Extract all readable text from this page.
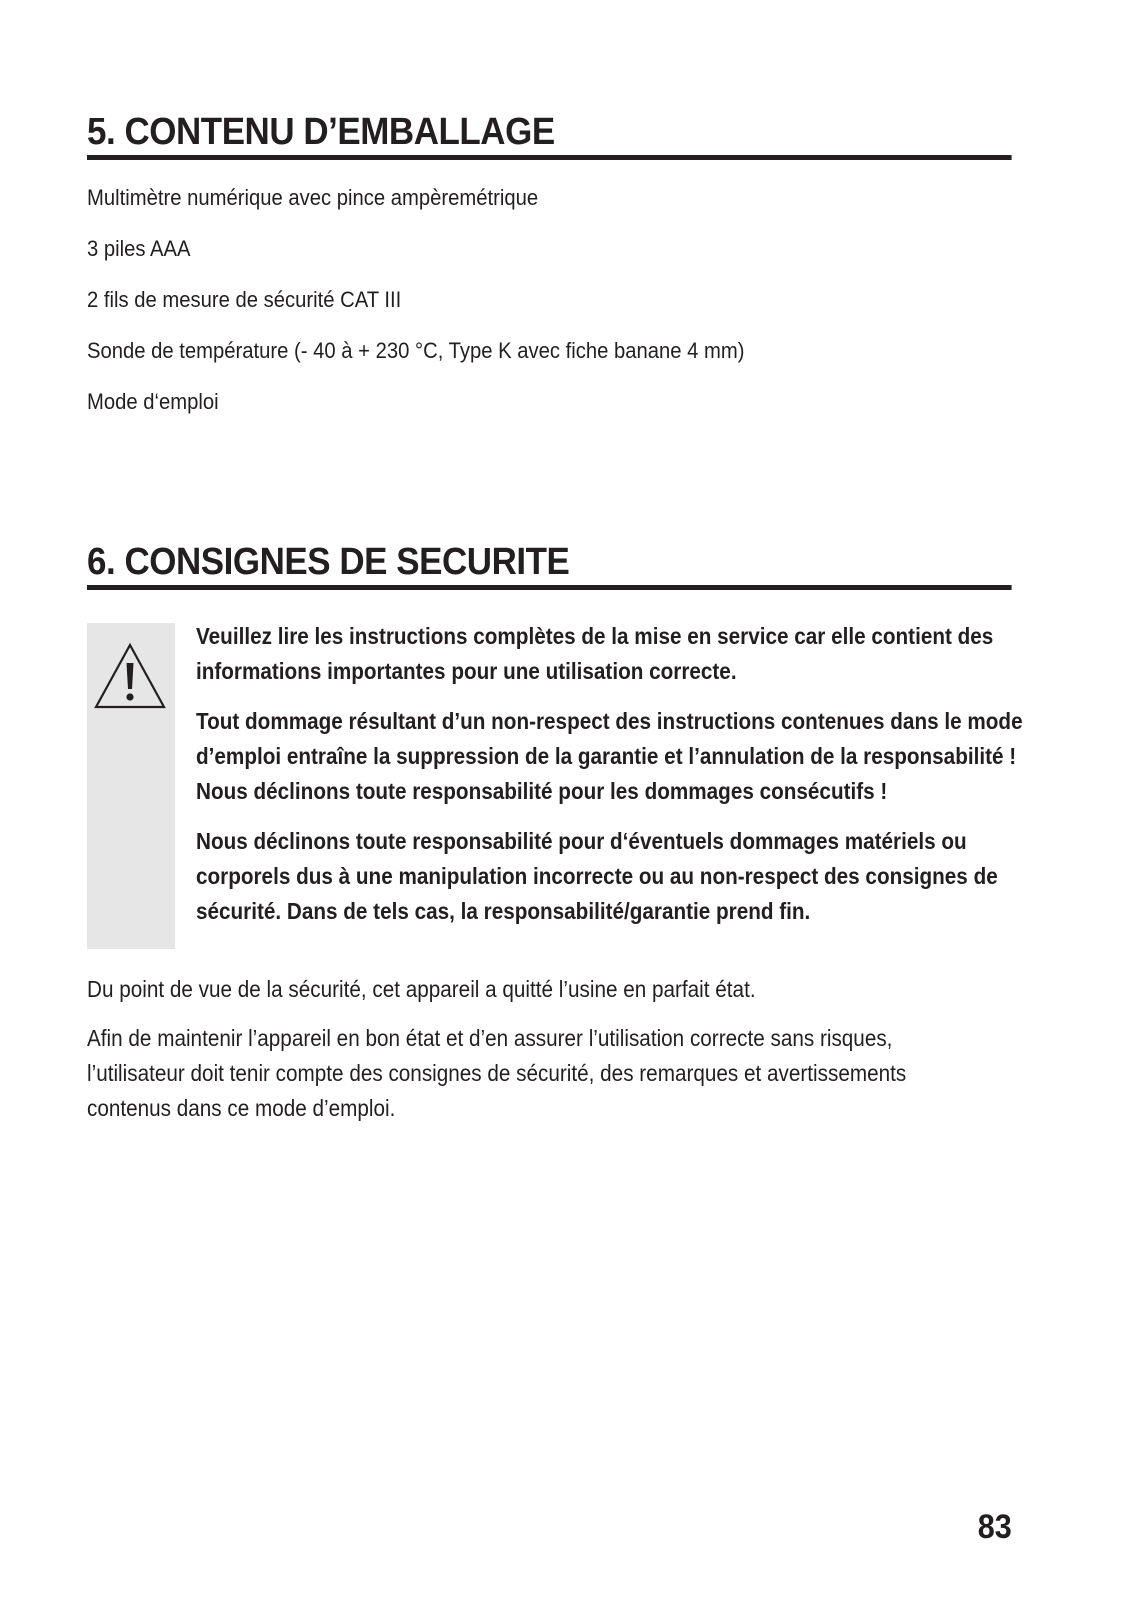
5. CONTENU D’EMBALLAGE
Multimètre numérique avec pince ampèremétrique
3 piles AAA
2 fils de mesure de sécurité CAT III
Sonde de température (- 40 à + 230 °C, Type K avec fiche banane 4 mm)
Mode d‘emploi
6. CONSIGNES DE SECURITE

Veuillez lire les instructions complètes de la mise en service car elle contient des informations importantes pour une utilisation correcte.

Tout dommage résultant d’un non-respect des instructions contenues dans le mode d’emploi entraîne la suppression de la garantie et l’annulation de la responsabilité ! Nous déclinons toute responsabilité pour les dommages consécutifs !

Nous déclinons toute responsabilité pour d‘éventuels dommages matériels ou corporels dus à une manipulation incorrecte ou au non-respect des consignes de sécurité. Dans de tels cas, la responsabilité/garantie prend fin.

Du point de vue de la sécurité, cet appareil a quitté l’usine en parfait état.

Afin de maintenir l’appareil en bon état et d’en assurer l’utilisation correcte sans risques, l’utilisateur doit tenir compte des consignes de sécurité, des remarques et avertissements contenus dans ce mode d’emploi.

83
